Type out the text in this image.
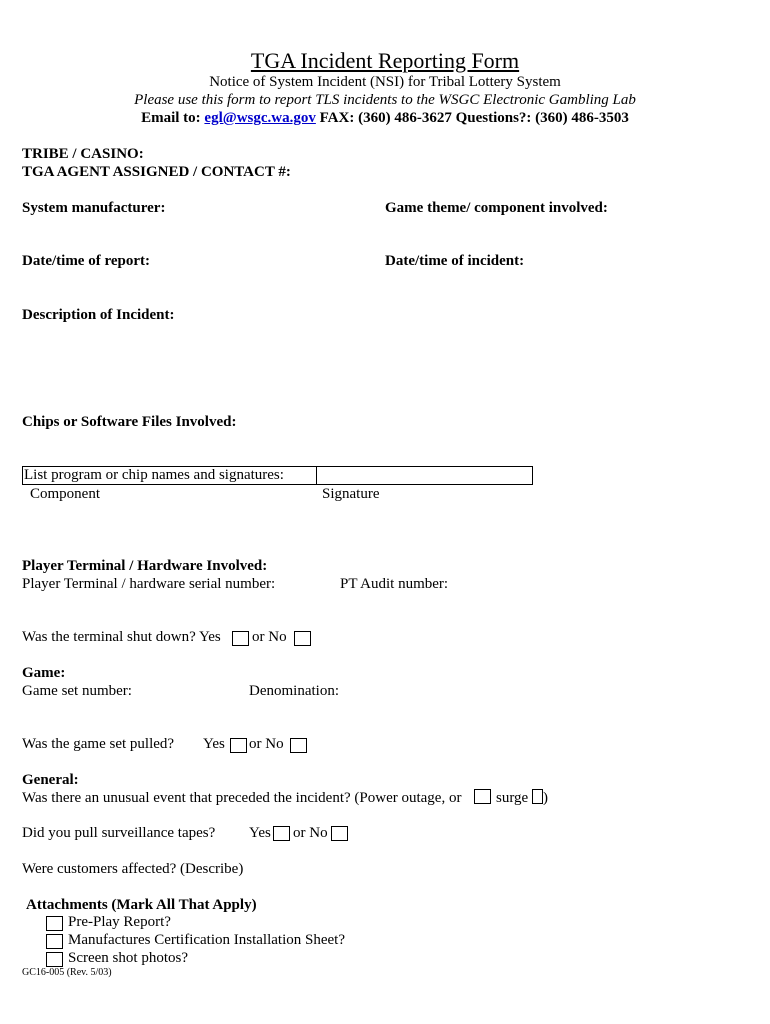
TGA Incident Reporting Form
Notice of System Incident (NSI) for Tribal Lottery System
Please use this form to report TLS incidents to the WSGC Electronic Gambling Lab
Email to: egl@wsgc.wa.gov FAX: (360) 486-3627 Questions?: (360) 486-3503
TRIBE / CASINO:
TGA AGENT ASSIGNED / CONTACT #:
System manufacturer:	Game theme/ component involved:
Date/time of report:	Date/time of incident:
Description of Incident:
Chips or Software Files Involved:
List program or chip names and signatures:
Component	Signature
Player Terminal / Hardware Involved:
Player Terminal / hardware serial number:	PT Audit number:
Was the terminal shut down? Yes or No
Game:
Game set number:	Denomination:
Was the game set pulled? Yes or No
General:
Was there an unusual event that preceded the incident? (Power outage, or surge )
Did you pull surveillance tapes? Yes or No
Were customers affected? (Describe)
Attachments (Mark All That Apply)
Pre-Play Report?
Manufactures Certification Installation Sheet?
Screen shot photos?
GC16-005 (Rev. 5/03)
